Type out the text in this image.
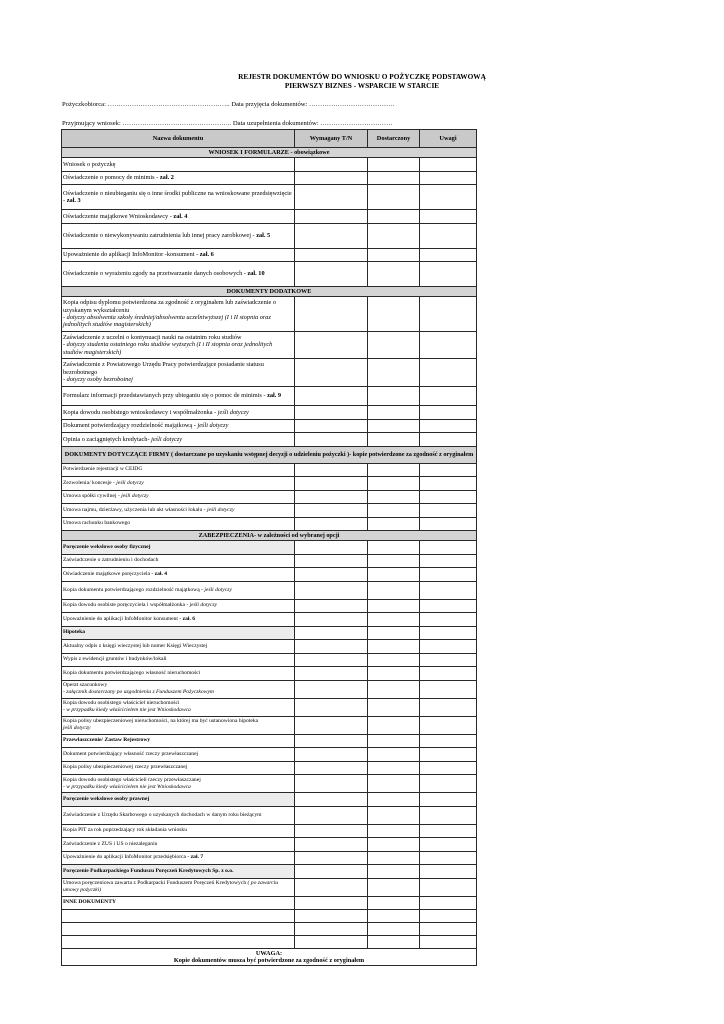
REJESTR DOKUMENTÓW DO WNIOSKU O POŻYCZKĘ PODSTAWOWĄ
PIERWSZY BIZNES - WSPARCIE W STARCIE
Pożyczkobiorca: ……………………………………………….. Data przyjęcia dokumentów: …………………………………
Przyjmujący wniosek: ………………………………………….. Data uzupełnienia dokumentów: ……………………………
Nazwa dokumentu	Wymagany T/N	Dostarczony	Uwagi
WNIOSEK I FORMULARZE - obowiązkowe			
Wniosek o pożyczkę			
Oświadczenie o pomocy de minimis - zał. 2			
Oświadczenie o nieubieganiu się o inne środki publiczne na wnioskowane przedsięwzięcie - zał. 3			
Oświadczenie majątkowe Wnioskodawcy - zał. 4			
Oświadczenie o niewykonywaniu zatrudnienia lub innej pracy zarobkowej - zał. 5			
Upoważnienie do aplikacji InfoMonitor -konsument - zał. 6			
Oświadczenie o wyrażeniu zgody na przetwarzanie danych osobowych - zał. 10			
DOKUMENTY DODATKOWE			
Kopia odpisu dyplomu potwierdzona za zgodność z oryginałem lub zaświadczenie o uzyskanym wykształceniu
- dotyczy absolwenta szkoły średniej/absolwenta uczelniwyższej (I i II stopnia oraz jednolitych studiów magisterskich)			
Zaświadczenie z uczelni o kontynuacji nauki na ostatnim roku studiów
- dotyczy studenta ostatniego roku studiów wyższych (I i II stopnia oraz jednolitych studiów magisterskich)			
Zaświadczenie z Powiatowego Urzędu Pracy potwierdzające posiadanie statusu bezrobotnego
- dotyczy osoby bezrobotnej			
Formularz informacji przedstawianych przy ubieganiu się o pomoc de minimis - zał. 9			
Kopia dowodu osobistego wnioskodawcy i współmałżonka - jeśli dotyczy			
Dokument potwierdzający rozdzielność majątkową - jeśli dotyczy			
Opinia o zaciągniętych kredytach- jeśli dotyczy			
DOKUMENTY DOTYCZĄCE FIRMY ( dostarczane po uzyskaniu wstępnej decyzji o udzieleniu pożyczki )- kopie potwierdzone za zgodność z oryginałem			
Potwierdzenie rejestracji w CEIDG			
Zezwolenia/ koncesje - jeśli dotyczy			
Umowa spółki cywilnej - jeśli dotyczy			
Umowa najmu, dzierżawy, użyczenia lub akt własności lokalu - jeśli dotyczy			
Umowa rachunku bankowego			
ZABEZPIECZENIA- w zależności od wybranej opcji			
Poręczenie wekslowe osoby fizycznej			
Zaświadczenie o zatrudnieniu i dochodach			
Oświadczenie majątkowe poręczyciela - zał. 4			
Kopia dokumentu potwierdzającego rozdzielność majątkową - jeśli dotyczy			
Kopia dowodu osobiste poręczyciela i współmałżonka - jeśli dotyczy			
Upoważnienie do aplikacji InfoMonitor konsument - zał. 6			
Hipoteka			
Aktualny odpis z księgi wieczystej lub numer Księgi Wieczystej			
Wypis z ewidencji gruntów i budynków/lokali			
Kopia dokumentu potwierdzającego własność nieruchomości			
Operat szacunkowy
- załącznik dostarczany po uzgodnieniu z Funduszem Pożyczkowym			
Kopia dowodu osobistego właściciel nieruchomości
- w przypadku kiedy właścicielem nie jest Wnioskodawca			
Kopia polisy ubezpieczeniowej nieruchomości, na której ma być ustanowiona hipoteka
jeśli dotyczy			
Przewłaszczenie/ Zastaw Rejestrowy			
Dokument potwierdzający własność rzeczy przewłaszczanej			
Kopia polisy ubezpieczeniowej rzeczy przewłaszczanej			
Kopia dowodu osobistego właścicieli rzeczy przewłaszczanej
- w przypadku kiedy właścicielem nie jest Wnioskodawca			
Poręczenie wekslowe osoby prawnej			
Zaświadczenie z Urzędu Skarbowego o uzyskanych dochodach w danym roku bieżącym			
Kopia PIT za rok poprzedzający rok składania wniosku			
Zaświadczenie z ZUS i US o niezaleganiu			
Upoważnienie do aplikacji InfoMonitor przedsiębiorca - zał. 7			
Poręczenie Podkarpackiego Funduszu Poręczeń Kredytowych Sp. z o.o.			
Umowa poręczeniowa zawarta z Podkarpacki Funduszem Poręczeń Kredytowych ( po zawarciu umowy pożyczki)			
INNE DOKUMENTY			

UWAGA:
Kopie dokumentów musza być potwierdzone za zgodność z oryginałem			
